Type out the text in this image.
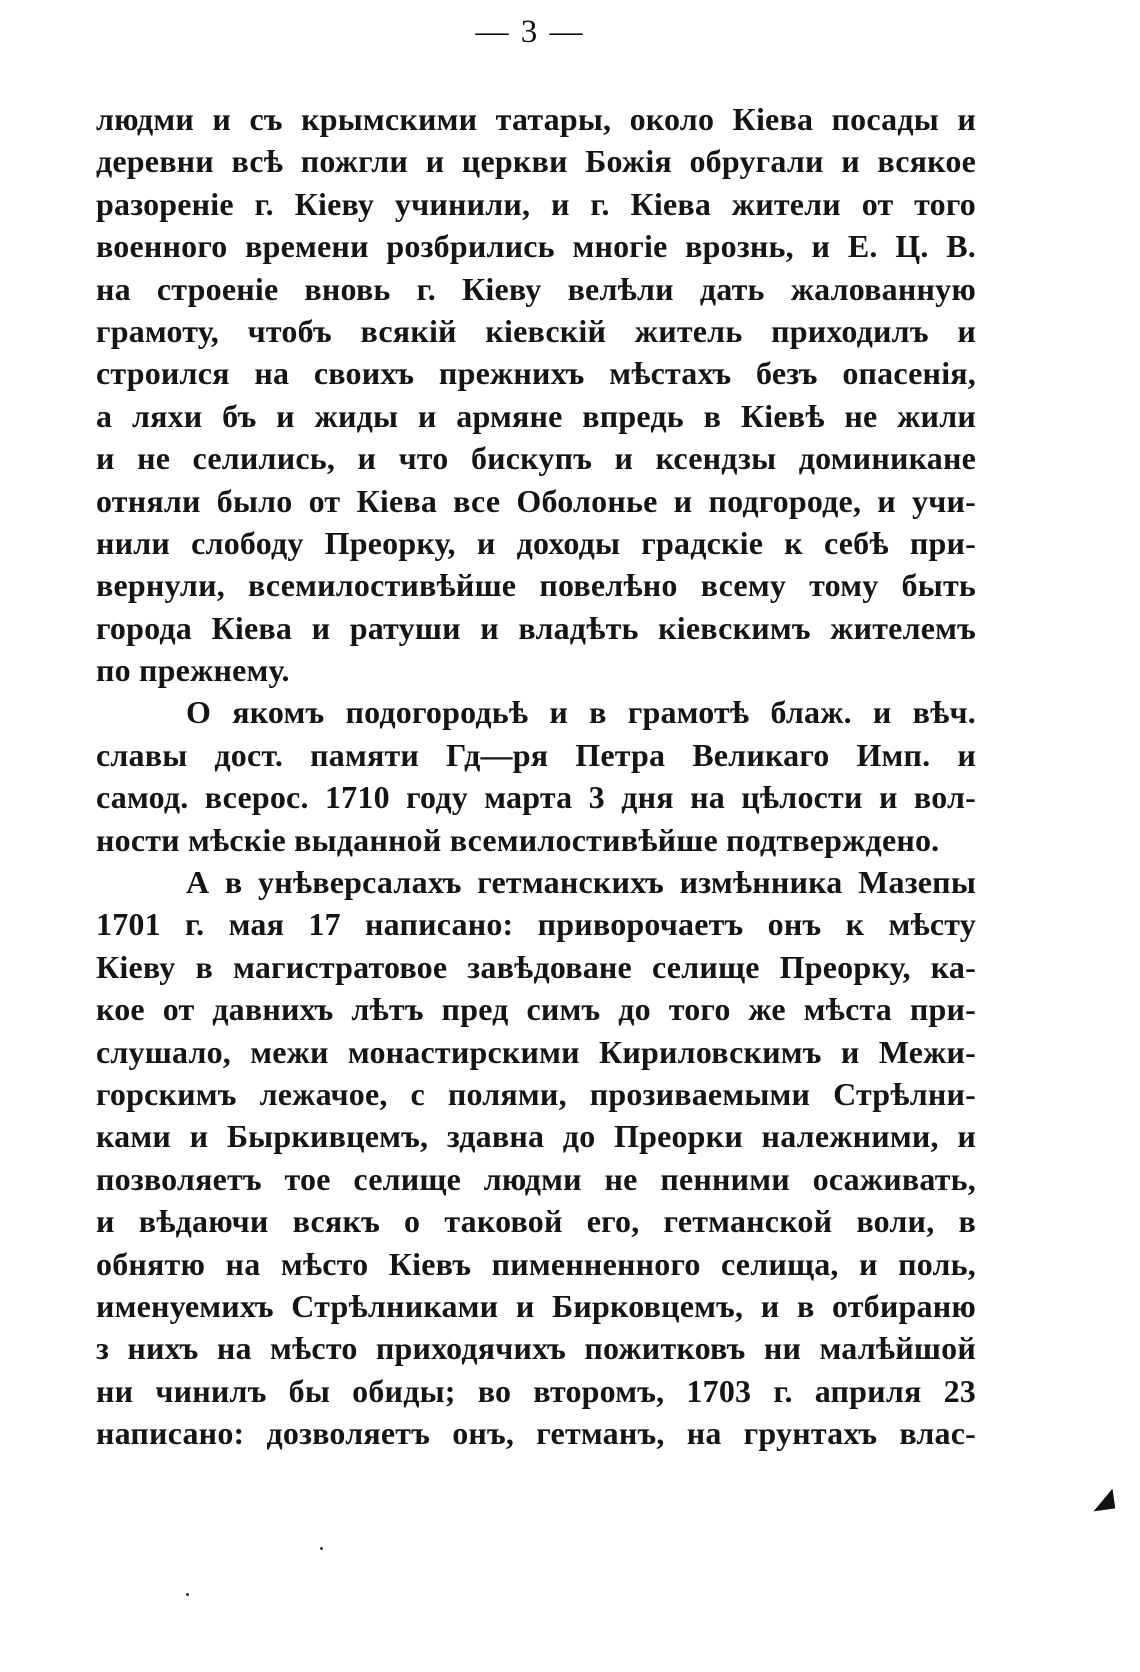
— 3 —
людми и съ крымскими татары, около Кіева посады и
деревни всѣ пожгли и церкви Божія обругали и всякое
разореніе г. Кіеву учинили, и г. Кіева жители от того
военного времени розбрились многіе врознь, и Е. Ц. В.
на строеніе вновь г. Кіеву велѣли дать жалованную
грамоту, чтобъ всякій кіевскій житель приходилъ и
строился на своихъ прежнихъ мѣстахъ безъ опасенія,
а ляхи бъ и жиды и армяне впредь в Кіевѣ не жили
и не селились, и что бискупъ и ксендзы доминикане
отняли было от Кіева все Оболонье и подгороде, и учи-
нили слободу Преорку, и доходы градскіе к себѣ при-
вернули, всемилостивѣйше повелѣно всему тому быть
города Кіева и ратуши и владѣть кіевскимъ жителемъ
по прежнему.
О якомъ подогородьѣ и в грамотѣ блаж. и вѣч.
славы дост. памяти Гд—ря Петра Великаго Имп. и
самод. всерос. 1710 году марта 3 дня на цѣлости и вол-
ности мѣскіе выданной всемилостивѣйше подтверждено.
А в унѣверсалахъ гетманскихъ измѣнника Мазепы
1701 г. мая 17 написано: приворочаетъ онъ к мѣсту
Кіеву в магистратовое завѣдоване селище Преорку, ка-
кое от давнихъ лѣтъ пред симъ до того же мѣста при-
слушало, межи монастирскими Кириловскимъ и Межи-
горскимъ лежачое, с полями, прозиваемыми Стрѣлни-
ками и Быркивцемъ, здавна до Преорки належними, и
позволяетъ тое селище людми не пенними осаживать,
и вѣдаючи всякъ о таковой его, гетманской воли, в
обнятю на мѣсто Кіевъ пименненного селища, и поль,
именуемихъ Стрѣлниками и Бирковцемъ, и в отбираню
з нихъ на мѣсто приходячихъ пожитковъ ни малѣйшой
ни чинилъ бы обиды; во второмъ, 1703 г. априля 23
написано: дозволяетъ онъ, гетманъ, на грунтахъ влас-
